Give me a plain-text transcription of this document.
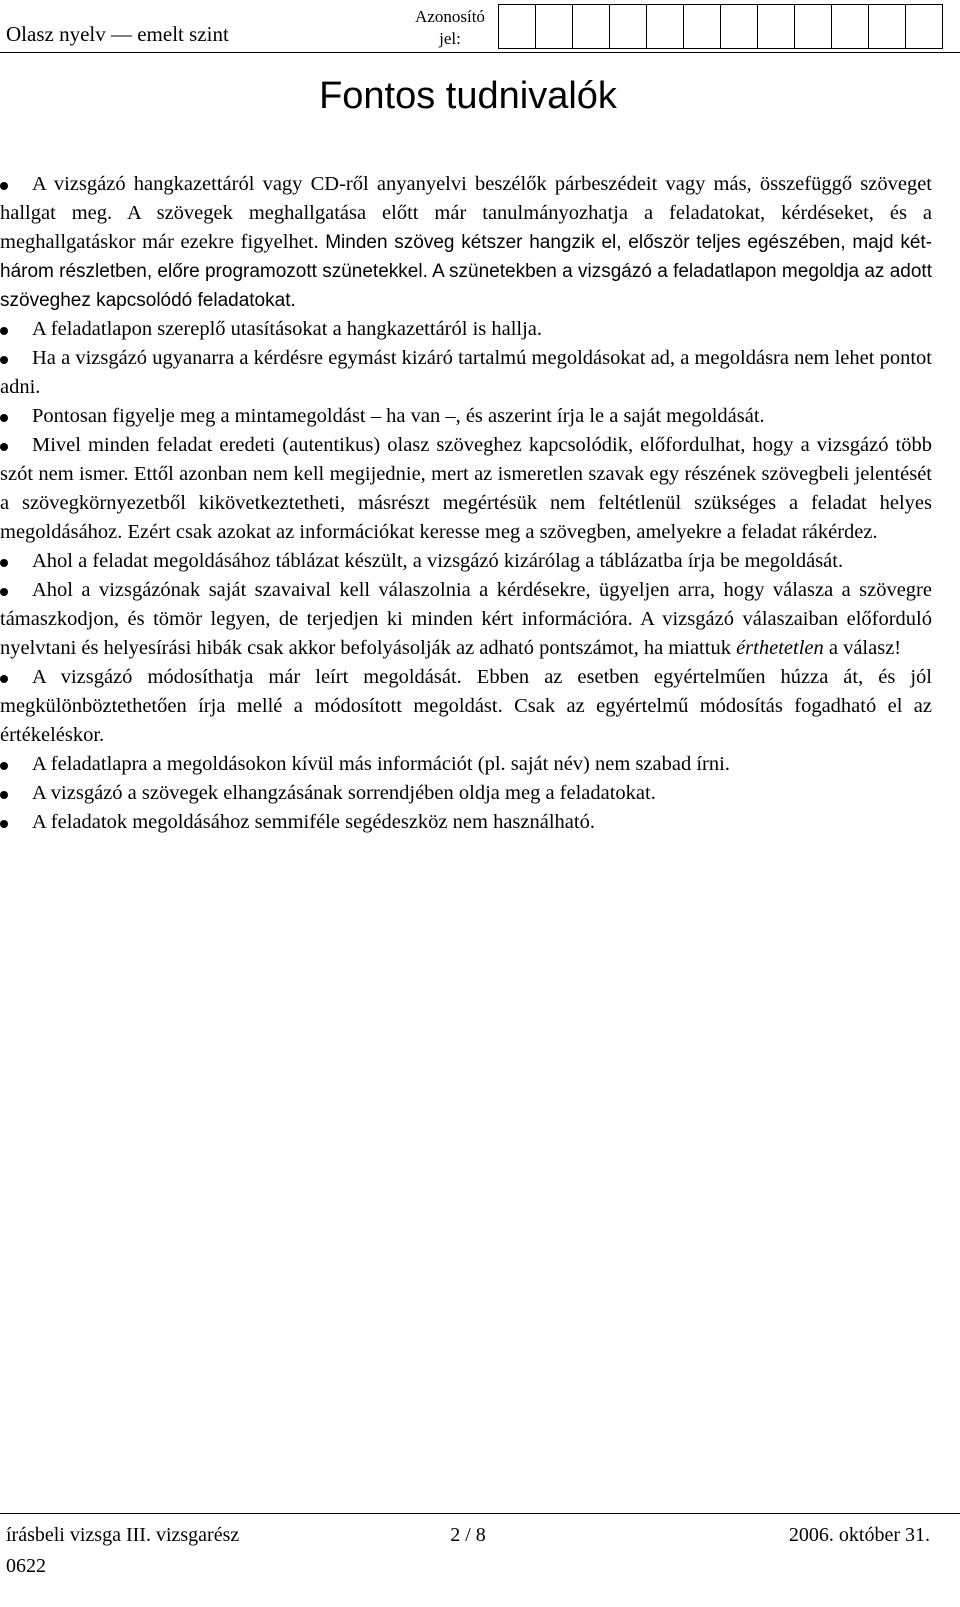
Olasz nyelv — emelt szint
Azonosító jel:
Fontos tudnivalók
A vizsgázó hangkazettáról vagy CD-ről anyanyelvi beszélők párbeszédeit vagy más, összefüggő szöveget hallgat meg. A szövegek meghallgatása előtt már tanulmányozhatja a feladatokat, kérdéseket, és a meghallgatáskor már ezekre figyelhet. Minden szöveg kétszer hangzik el, először teljes egészében, majd két-három részletben, előre programozott szünetekkel. A szünetekben a vizsgázó a feladatlapon megoldja az adott szöveghez kapcsolódó feladatokat.
A feladatlapon szereplő utasításokat a hangkazettáról is hallja.
Ha a vizsgázó ugyanarra a kérdésre egymást kizáró tartalmú megoldásokat ad, a megoldásra nem lehet pontot adni.
Pontosan figyelje meg a mintamegoldást – ha van –, és aszerint írja le a saját megoldását.
Mivel minden feladat eredeti (autentikus) olasz szöveghez kapcsolódik, előfordulhat, hogy a vizsgázó több szót nem ismer. Ettől azonban nem kell megijednie, mert az ismeretlen szavak egy részének szövegbeli jelentését a szövegkörnyezetből kikövetkeztetheti, másrészt megértésük nem feltétlenül szükséges a feladat helyes megoldásához. Ezért csak azokat az információkat keresse meg a szövegben, amelyekre a feladat rákérdez.
Ahol a feladat megoldásához táblázat készült, a vizsgázó kizárólag a táblázatba írja be megoldását.
Ahol a vizsgázónak saját szavaival kell válaszolnia a kérdésekre, ügyeljen arra, hogy válasza a szövegre támaszkodjon, és tömör legyen, de terjedjen ki minden kért információra. A vizsgázó válaszaiban előforduló nyelvtani és helyesírási hibák csak akkor befolyásolják az adható pontszámot, ha miattuk érthetetlen a válasz!
A vizsgázó módosíthatja már leírt megoldását. Ebben az esetben egyértelműen húzza át, és jól megkülönböztethetően írja mellé a módosított megoldást. Csak az egyértelmű módosítás fogadható el az értékeléskor.
A feladatlapra a megoldásokon kívül más információt (pl. saját név) nem szabad írni.
A vizsgázó a szövegek elhangzásának sorrendjében oldja meg a feladatokat.
A feladatok megoldásához semmiféle segédeszköz nem használható.
írásbeli vizsga III. vizsgarész
0622
2 / 8	2006. október 31.
